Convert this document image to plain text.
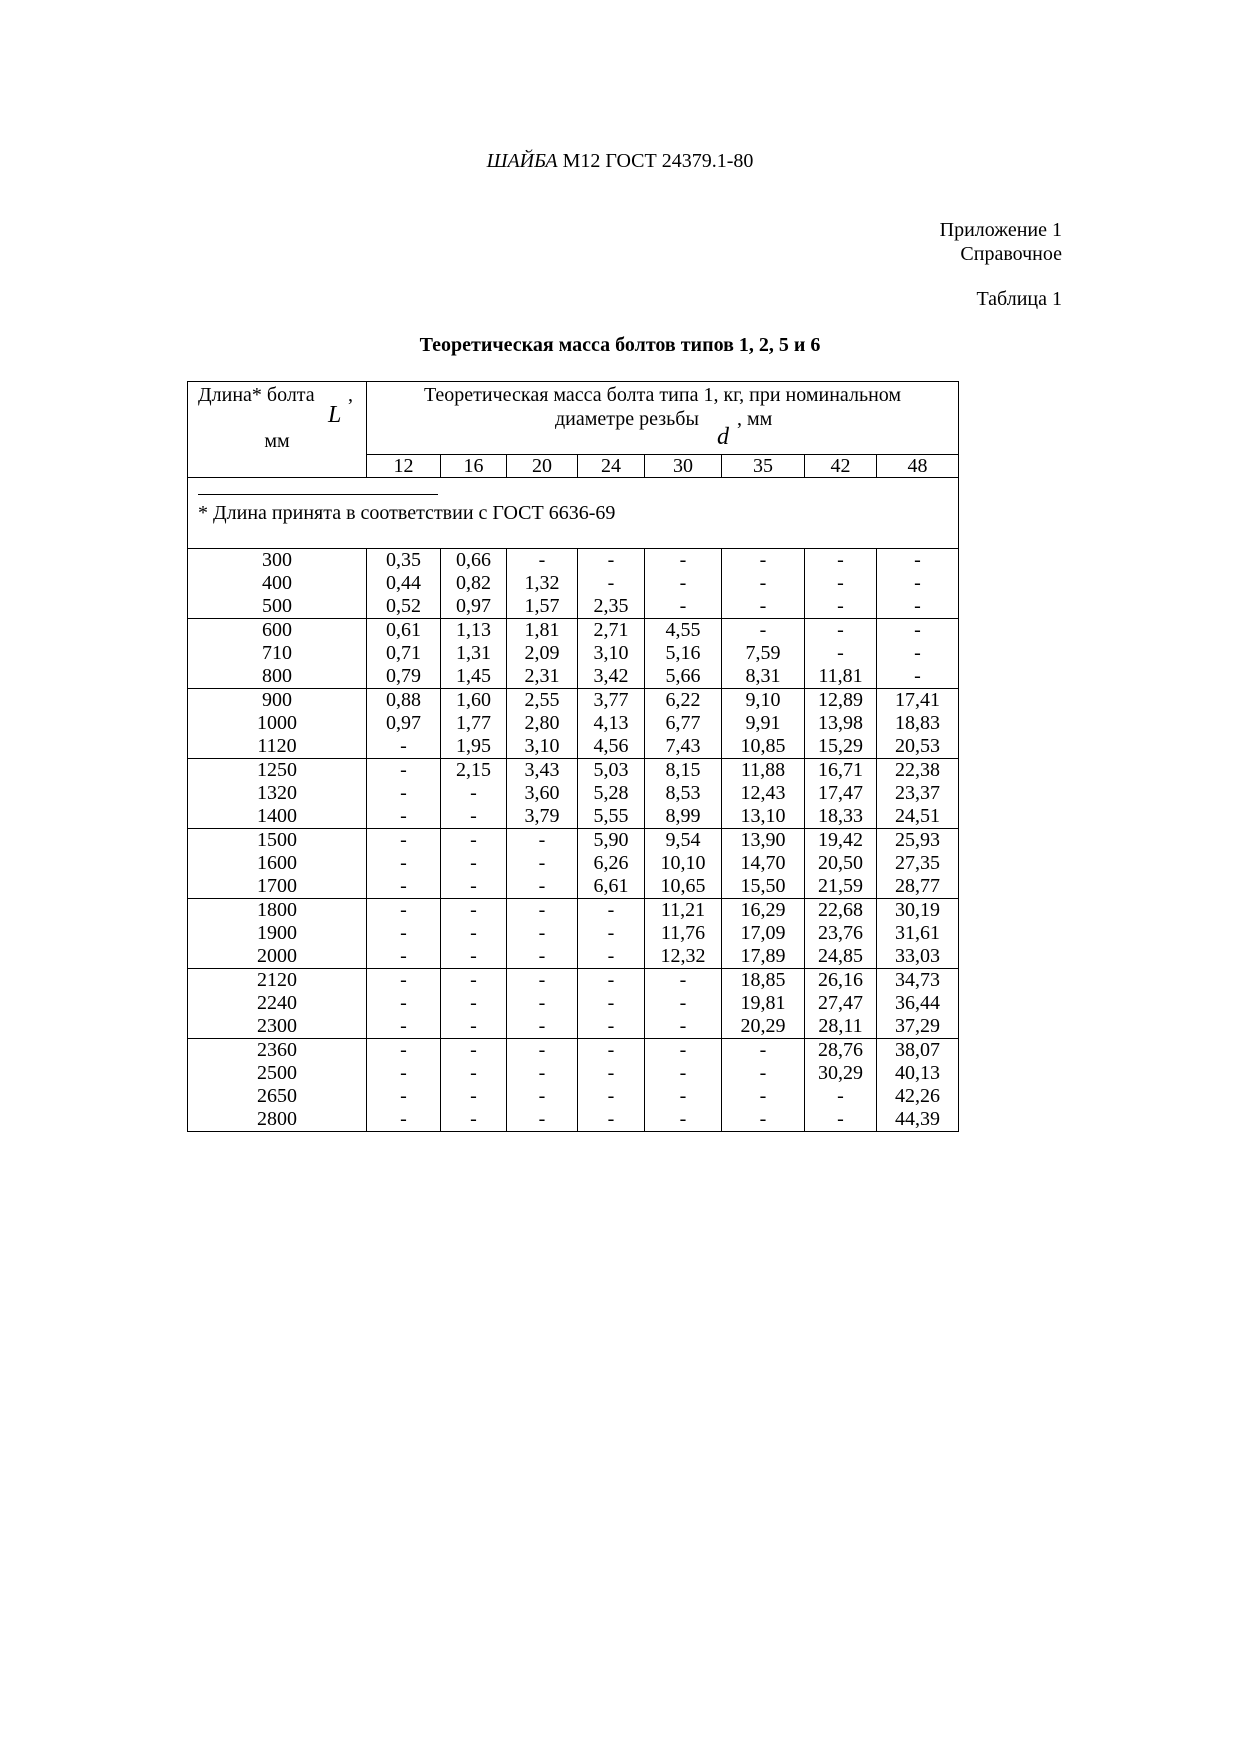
ШАЙБА М12 ГОСТ 24379.1-80
Приложение 1
Справочное
Таблица 1
Теоретическая масса болтов типов 1, 2, 5 и 6
Длина* болта ,
L
мм	Теоретическая масса болта типа 1, кг, при номинальном
диаметре резьбы
d
, мм							

	12	16	20	24	30	35	42	48

* Длина принята в соответствии с ГОСТ 6636-69								

300	0,35	0,66	-	-	-	-	-	-
400	0,44	0,82	1,32	-	-	-	-	-
500	0,52	0,97	1,57	2,35	-	-	-	-
600	0,61	1,13	1,81	2,71	4,55	-	-	-
710	0,71	1,31	2,09	3,10	5,16	7,59	-	-
800	0,79	1,45	2,31	3,42	5,66	8,31	11,81	-
900	0,88	1,60	2,55	3,77	6,22	9,10	12,89	17,41
1000	0,97	1,77	2,80	4,13	6,77	9,91	13,98	18,83
1120	-	1,95	3,10	4,56	7,43	10,85	15,29	20,53
1250	-	2,15	3,43	5,03	8,15	11,88	16,71	22,38
1320	-	-	3,60	5,28	8,53	12,43	17,47	23,37
1400	-	-	3,79	5,55	8,99	13,10	18,33	24,51
1500	-	-	-	5,90	9,54	13,90	19,42	25,93
1600	-	-	-	6,26	10,10	14,70	20,50	27,35
1700	-	-	-	6,61	10,65	15,50	21,59	28,77
1800	-	-	-	-	11,21	16,29	22,68	30,19
1900	-	-	-	-	11,76	17,09	23,76	31,61
2000	-	-	-	-	12,32	17,89	24,85	33,03
2120	-	-	-	-	-	18,85	26,16	34,73
2240	-	-	-	-	-	19,81	27,47	36,44
2300	-	-	-	-	-	20,29	28,11	37,29
2360	-	-	-	-	-	-	28,76	38,07
2500	-	-	-	-	-	-	30,29	40,13
2650	-	-	-	-	-	-	-	42,26
2800	-	-	-	-	-	-	-	44,39
